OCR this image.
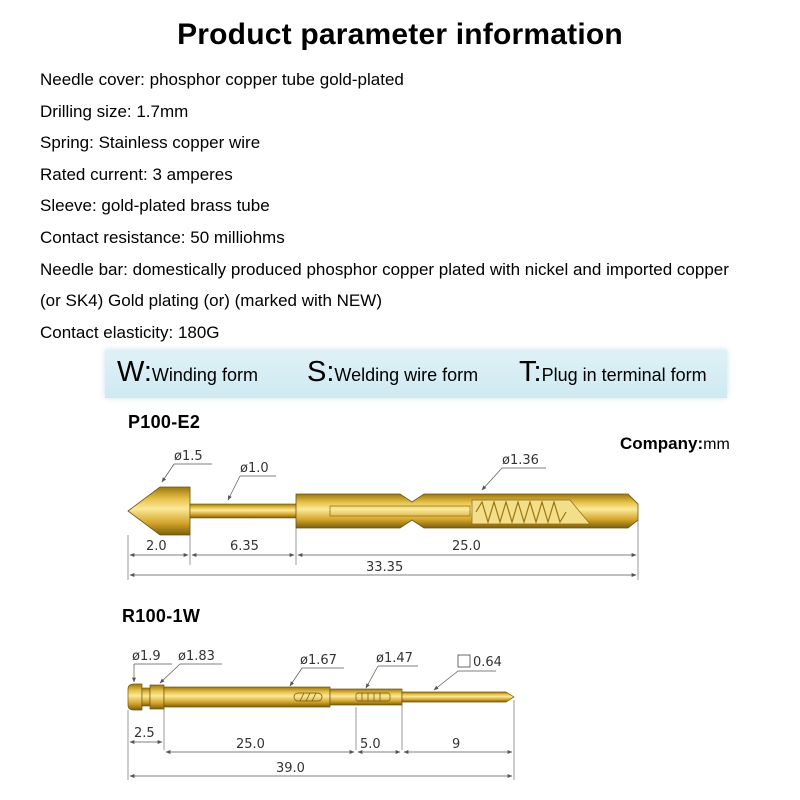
Product parameter information
Needle cover: phosphor copper tube gold-plated
Drilling size: 1.7mm
Spring: Stainless copper wire
Rated current: 3 amperes
Sleeve: gold-plated brass tube
Contact resistance: 50 milliohms
Needle bar: domestically produced phosphor copper plated with nickel and imported copper
(or SK4) Gold plating (or) (marked with NEW)
Contact elasticity: 180G
W:Winding form S:Welding wire form T:Plug in terminal form
P100-E2
Company:mm
R100-1W
2.0	6.35	25.0
33.35
ø1.5
ø1.0
ø1.36
2.5
25.0	5.0	9
39.0
ø1.9 ø1.83	ø1.67	ø1.47	0.64
